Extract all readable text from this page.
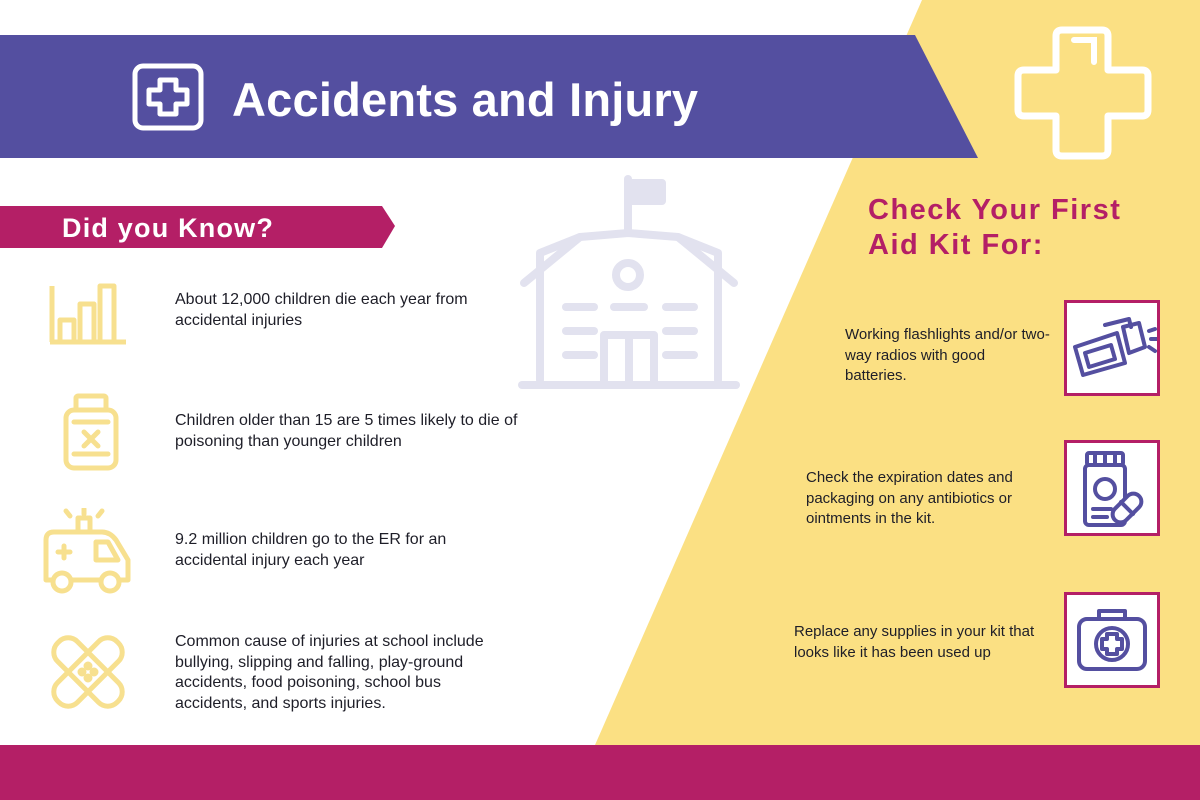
Accidents and Injury
Did you Know?
About 12,000 children die each year from accidental injuries
Children older than 15 are 5 times likely to die of poisoning than younger children
9.2 million children go to the ER for an accidental injury each year
Common cause of injuries at school include bullying, slipping and falling, play-ground accidents, food poisoning, school bus accidents, and sports injuries.
Check Your First Aid Kit For:
Working flashlights and/or two-way radios with good batteries.
Check the expiration dates and packaging on any antibiotics or ointments in the kit.
Replace any supplies in your kit that looks like it has been used up
